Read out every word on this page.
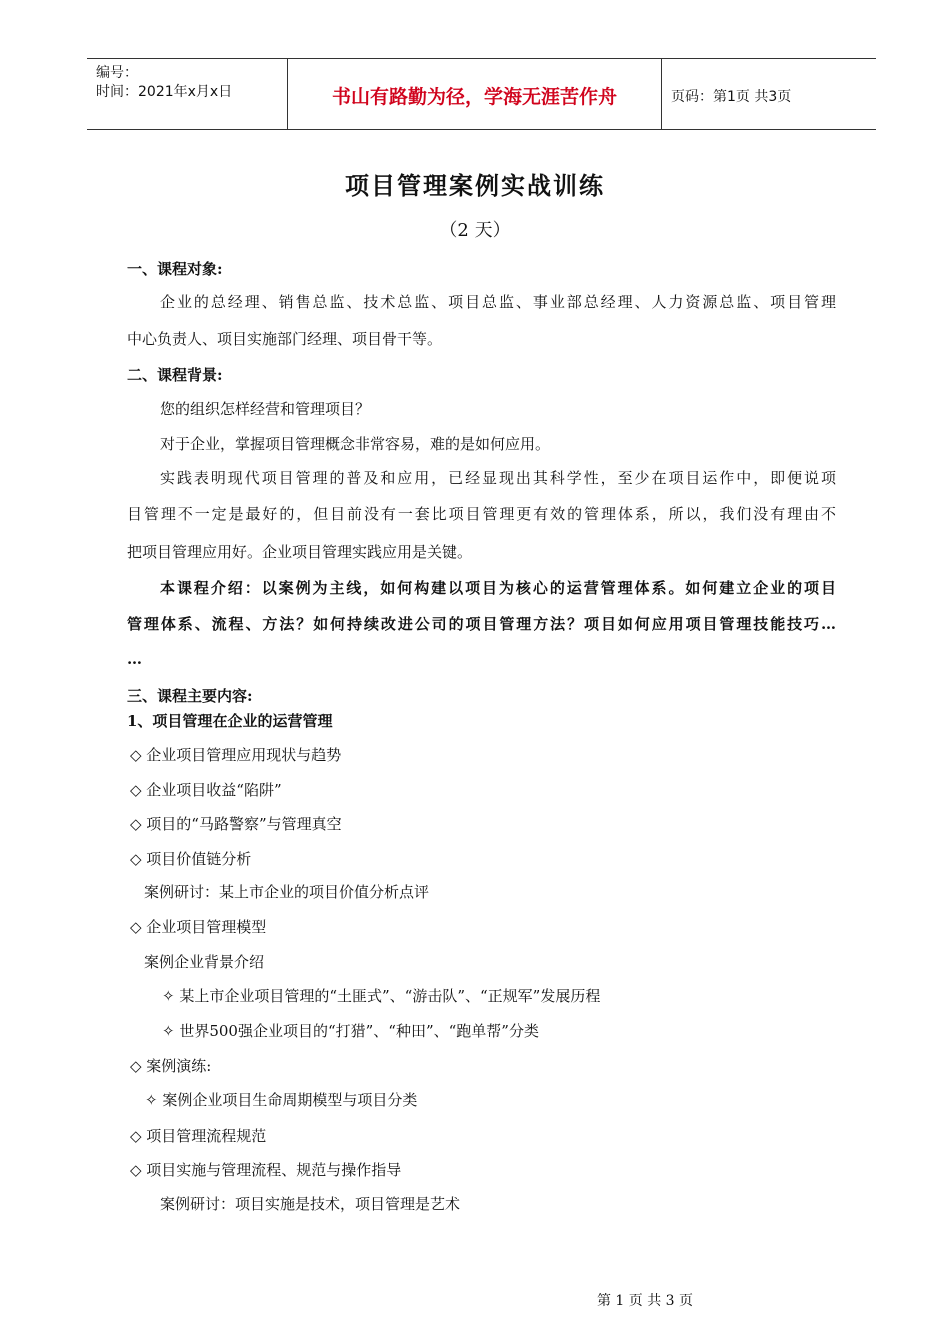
编号：
时间：2021年x月x日	书山有路勤为径，学海无涯苦作舟	页码：第1页 共3页
项目管理案例实战训练
（2 天）
一、课程对象:
企业的总经理、销售总监、技术总监、项目总监、事业部总经理、人力资源总监、项目管理
中心负责人、项目实施部门经理、项目骨干等。
二、课程背景:
您的组织怎样经营和管理项目？
对于企业，掌握项目管理概念非常容易，难的是如何应用。
实践表明现代项目管理的普及和应用，已经显现出其科学性，至少在项目运作中，即便说项
目管理不一定是最好的，但目前没有一套比项目管理更有效的管理体系，所以，我们没有理由不
把项目管理应用好。企业项目管理实践应用是关键。
本课程介绍：以案例为主线，如何构建以项目为核心的运营管理体系。如何建立企业的项目
管理体系、流程、方法？如何持续改进公司的项目管理方法？项目如何应用项目管理技能技巧…
…
三、课程主要内容:
1、项目管理在企业的运营管理
◇ 企业项目管理应用现状与趋势
◇ 企业项目收益“陷阱”
◇ 项目的“马路警察”与管理真空
◇ 项目价值链分析
案例研讨：某上市企业的项目价值分析点评
◇ 企业项目管理模型
案例企业背景介绍
✧ 某上市企业项目管理的“土匪式”、“游击队”、“正规军”发展历程
✧ 世界500强企业项目的“打猎”、“种田”、“跑单帮”分类
◇ 案例演练:
✧ 案例企业项目生命周期模型与项目分类
◇ 项目管理流程规范
◇ 项目实施与管理流程、规范与操作指导
案例研讨：项目实施是技术，项目管理是艺术
第 1 页 共 3 页
